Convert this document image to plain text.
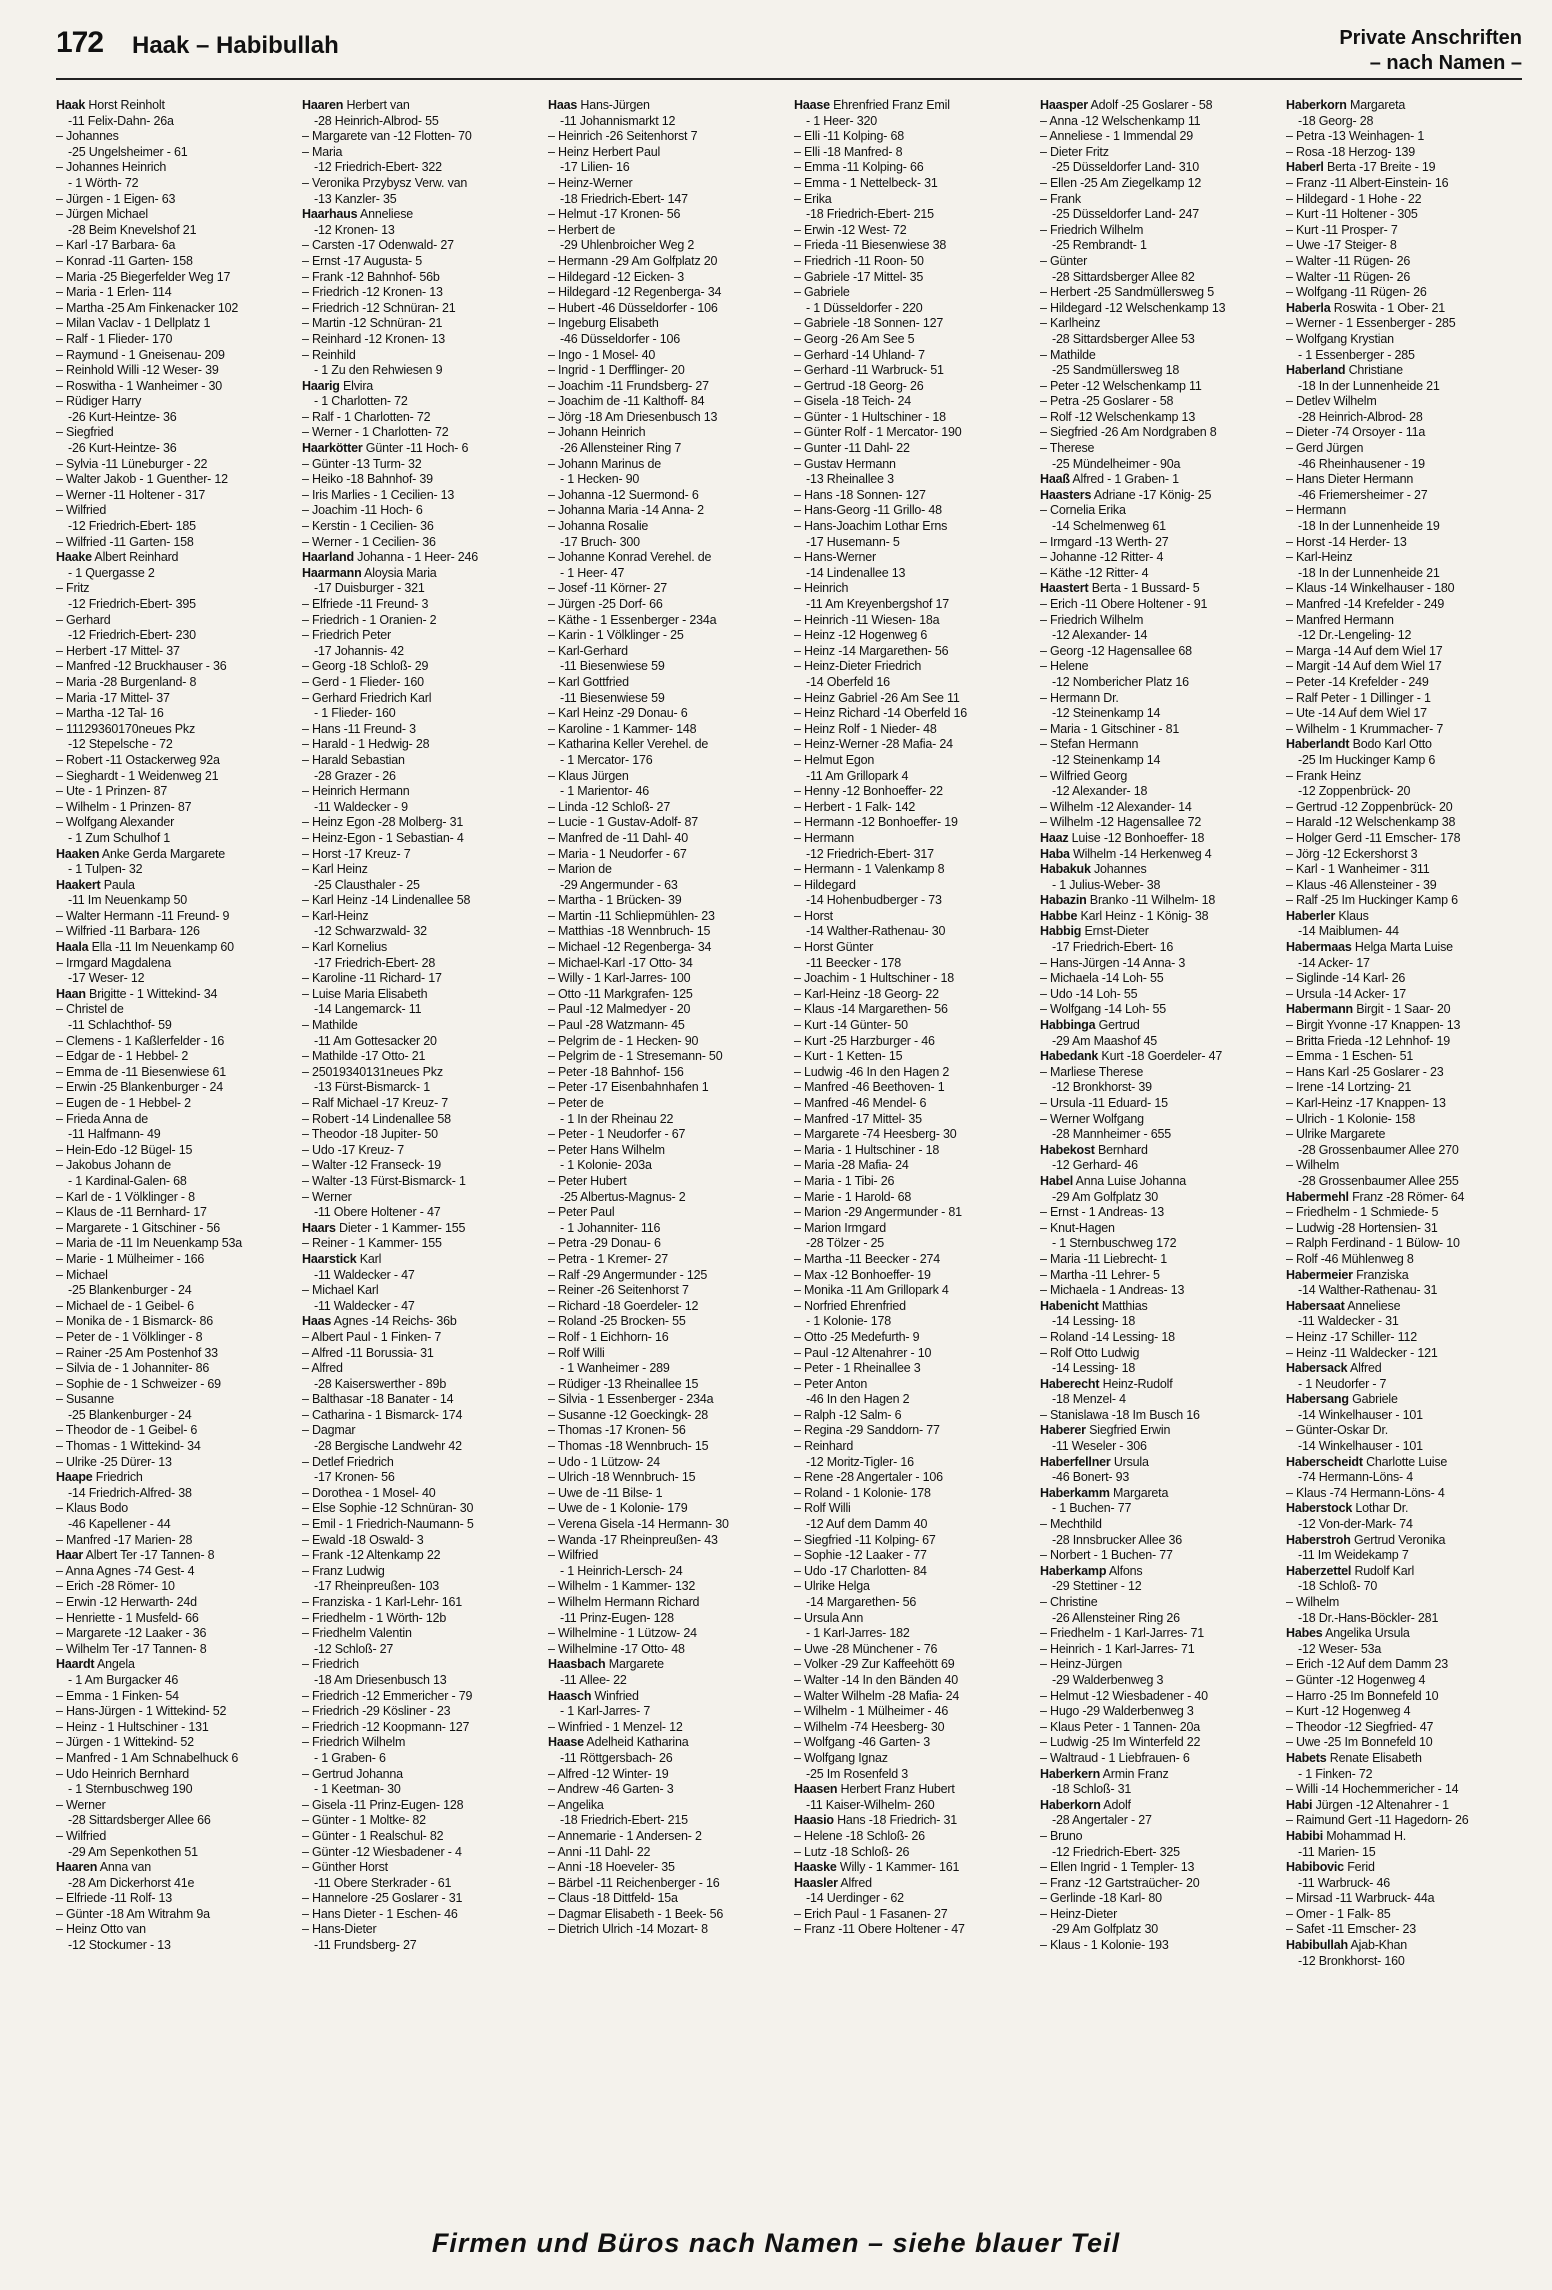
172 Haak – Habibullah	Private Anschriften
– nach Namen –
Haak Horst Reinholt
-11 Felix-Dahn- 26a
– Johannes
-25 Ungelsheimer - 61
– Johannes Heinrich
- 1 Wörth- 72
– Jürgen - 1 Eigen- 63
– Jürgen Michael
-28 Beim Knevelshof 21
– Karl -17 Barbara- 6a
– Konrad -11 Garten- 158
– Maria -25 Biegerfelder Weg 17
– Maria - 1 Erlen- 114
– Martha -25 Am Finkenacker 102
– Milan Vaclav - 1 Dellplatz 1
– Ralf - 1 Flieder- 170
– Raymund - 1 Gneisenau- 209
– Reinhold Willi -12 Weser- 39
– Roswitha - 1 Wanheimer - 30
– Rüdiger Harry
-26 Kurt-Heintze- 36
– Siegfried
-26 Kurt-Heintze- 36
– Sylvia -11 Lüneburger - 22
– Walter Jakob - 1 Guenther- 12
– Werner -11 Holtener - 317
– Wilfried
-12 Friedrich-Ebert- 185
– Wilfried -11 Garten- 158
Haake Albert Reinhard
- 1 Quergasse 2
– Fritz
-12 Friedrich-Ebert- 395
– Gerhard
-12 Friedrich-Ebert- 230
– Herbert -17 Mittel- 37
– Manfred -12 Bruckhauser - 36
– Maria -28 Burgenland- 8
– Maria -17 Mittel- 37
– Martha -12 Tal- 16
– 11129360170neues Pkz
-12 Stepelsche - 72
– Robert -11 Ostackerweg 92a
– Sieghardt - 1 Weidenweg 21
– Ute - 1 Prinzen- 87
– Wilhelm - 1 Prinzen- 87
– Wolfgang Alexander
- 1 Zum Schulhof 1
Haaken Anke Gerda Margarete
- 1 Tulpen- 32
Haakert Paula
-11 Im Neuenkamp 50
– Walter Hermann -11 Freund- 9
– Wilfried -11 Barbara- 126
Haala Ella -11 Im Neuenkamp 60
– Irmgard Magdalena
-17 Weser- 12
Haan Brigitte - 1 Wittekind- 34
– Christel de
-11 Schlachthof- 59
– Clemens - 1 Kaßlerfelder - 16
– Edgar de - 1 Hebbel- 2
– Emma de -11 Biesenwiese 61
– Erwin -25 Blankenburger - 24
– Eugen de - 1 Hebbel- 2
– Frieda Anna de
-11 Halfmann- 49
– Hein-Edo -12 Bügel- 15
– Jakobus Johann de
- 1 Kardinal-Galen- 68
– Karl de - 1 Völklinger - 8
– Klaus de -11 Bernhard- 17
– Margarete - 1 Gitschiner - 56
– Maria de -11 Im Neuenkamp 53a
– Marie - 1 Mülheimer - 166
– Michael
-25 Blankenburger - 24
– Michael de - 1 Geibel- 6
– Monika de - 1 Bismarck- 86
– Peter de - 1 Völklinger - 8
– Rainer -25 Am Postenhof 33
– Silvia de - 1 Johanniter- 86
– Sophie de - 1 Schweizer - 69
– Susanne
-25 Blankenburger - 24
– Theodor de - 1 Geibel- 6
– Thomas - 1 Wittekind- 34
– Ulrike -25 Dürer- 13
Haape Friedrich
-14 Friedrich-Alfred- 38
– Klaus Bodo
-46 Kapellener - 44
– Manfred -17 Marien- 28
Haar Albert Ter -17 Tannen- 8
– Anna Agnes -74 Gest- 4
– Erich -28 Römer- 10
– Erwin -12 Herwarth- 24d
– Henriette - 1 Musfeld- 66
– Margarete -12 Laaker - 36
– Wilhelm Ter -17 Tannen- 8
Haardt Angela
- 1 Am Burgacker 46
– Emma - 1 Finken- 54
– Hans-Jürgen - 1 Wittekind- 52
– Heinz - 1 Hultschiner - 131
– Jürgen - 1 Wittekind- 52
– Manfred - 1 Am Schnabelhuck 6
– Udo Heinrich Bernhard
- 1 Sternbuschweg 190
– Werner
-28 Sittardsberger Allee 66
– Wilfried
-29 Am Sepenkothen 51
Haaren Anna van
-28 Am Dickerhorst 41e
– Elfriede -11 Rolf- 13
– Günter -18 Am Witrahm 9a
– Heinz Otto van
-12 Stockumer - 13
Haaren Herbert van
-28 Heinrich-Albrod- 55
– Margarete van -12 Flotten- 70
– Maria
-12 Friedrich-Ebert- 322
– Veronika Przybysz Verw. van
-13 Kanzler- 35
Haarhaus Anneliese
-12 Kronen- 13
– Carsten -17 Odenwald- 27
– Ernst -17 Augusta- 5
– Frank -12 Bahnhof- 56b
– Friedrich -12 Kronen- 13
– Friedrich -12 Schnüran- 21
– Martin -12 Schnüran- 21
– Reinhard -12 Kronen- 13
– Reinhild
- 1 Zu den Rehwiesen 9
Haarig Elvira
- 1 Charlotten- 72
– Ralf - 1 Charlotten- 72
– Werner - 1 Charlotten- 72
Haarkötter Günter -11 Hoch- 6
– Günter -13 Turm- 32
– Heiko -18 Bahnhof- 39
– Iris Marlies - 1 Cecilien- 13
– Joachim -11 Hoch- 6
– Kerstin - 1 Cecilien- 36
– Werner - 1 Cecilien- 36
Haarland Johanna - 1 Heer- 246
Haarmann Aloysia Maria
-17 Duisburger - 321
– Elfriede -11 Freund- 3
– Friedrich - 1 Oranien- 2
– Friedrich Peter
-17 Johannis- 42
– Georg -18 Schloß- 29
– Gerd - 1 Flieder- 160
– Gerhard Friedrich Karl
- 1 Flieder- 160
– Hans -11 Freund- 3
– Harald - 1 Hedwig- 28
– Harald Sebastian
-28 Grazer - 26
– Heinrich Hermann
-11 Waldecker - 9
– Heinz Egon -28 Molberg- 31
– Heinz-Egon - 1 Sebastian- 4
– Horst -17 Kreuz- 7
– Karl Heinz
-25 Clausthaler - 25
– Karl Heinz -14 Lindenallee 58
– Karl-Heinz
-12 Schwarzwald- 32
– Karl Kornelius
-17 Friedrich-Ebert- 28
– Karoline -11 Richard- 17
– Luise Maria Elisabeth
-14 Langemarck- 11
– Mathilde
-11 Am Gottesacker 20
– Mathilde -17 Otto- 21
– 25019340131neues Pkz
-13 Fürst-Bismarck- 1
– Ralf Michael -17 Kreuz- 7
– Robert -14 Lindenallee 58
– Theodor -18 Jupiter- 50
– Udo -17 Kreuz- 7
– Walter -12 Franseck- 19
– Walter -13 Fürst-Bismarck- 1
– Werner
-11 Obere Holtener - 47
Haars Dieter - 1 Kammer- 155
– Reiner - 1 Kammer- 155
Haarstick Karl
-11 Waldecker - 47
– Michael Karl
-11 Waldecker - 47
Haas Agnes -14 Reichs- 36b
– Albert Paul - 1 Finken- 7
– Alfred -11 Borussia- 31
– Alfred
-28 Kaiserswerther - 89b
– Balthasar -18 Banater - 14
– Catharina - 1 Bismarck- 174
– Dagmar
-28 Bergische Landwehr 42
– Detlef Friedrich
-17 Kronen- 56
– Dorothea - 1 Mosel- 40
– Else Sophie -12 Schnüran- 30
– Emil - 1 Friedrich-Naumann- 5
– Ewald -18 Oswald- 3
– Frank -12 Altenkamp 22
– Franz Ludwig
-17 Rheinpreußen- 103
– Franziska - 1 Karl-Lehr- 161
– Friedhelm - 1 Wörth- 12b
– Friedhelm Valentin
-12 Schloß- 27
– Friedrich
-18 Am Driesenbusch 13
– Friedrich -12 Emmericher - 79
– Friedrich -29 Kösliner - 23
– Friedrich -12 Koopmann- 127
– Friedrich Wilhelm
- 1 Graben- 6
– Gertrud Johanna
- 1 Keetman- 30
– Gisela -11 Prinz-Eugen- 128
– Günter - 1 Moltke- 82
– Günter - 1 Realschul- 82
– Günter -12 Wiesbadener - 4
– Günther Horst
-11 Obere Sterkrader - 61
– Hannelore -25 Goslarer - 31
– Hans Dieter - 1 Eschen- 46
– Hans-Dieter
-11 Frundsberg- 27
Haas Hans-Jürgen
-11 Johannismarkt 12
– Heinrich -26 Seitenhorst 7
– Heinz Herbert Paul
-17 Lilien- 16
– Heinz-Werner
-18 Friedrich-Ebert- 147
– Helmut -17 Kronen- 56
– Herbert de
-29 Uhlenbroicher Weg 2
– Hermann -29 Am Golfplatz 20
– Hildegard -12 Eicken- 3
– Hildegard -12 Regenberga- 34
– Hubert -46 Düsseldorfer - 106
– Ingeburg Elisabeth
-46 Düsseldorfer - 106
– Ingo - 1 Mosel- 40
– Ingrid - 1 Derfflinger- 20
– Joachim -11 Frundsberg- 27
– Joachim de -11 Kalthoff- 84
– Jörg -18 Am Driesenbusch 13
– Johann Heinrich
-26 Allensteiner Ring 7
– Johann Marinus de
- 1 Hecken- 90
– Johanna -12 Suermond- 6
– Johanna Maria -14 Anna- 2
– Johanna Rosalie
-17 Bruch- 300
– Johanne Konrad Verehel. de
- 1 Heer- 47
– Josef -11 Körner- 27
– Jürgen -25 Dorf- 66
– Käthe - 1 Essenberger - 234a
– Karin - 1 Völklinger - 25
– Karl-Gerhard
-11 Biesenwiese 59
– Karl Gottfried
-11 Biesenwiese 59
– Karl Heinz -29 Donau- 6
– Karoline - 1 Kammer- 148
– Katharina Keller Verehel. de
- 1 Mercator- 176
– Klaus Jürgen
- 1 Marientor- 46
– Linda -12 Schloß- 27
– Lucie - 1 Gustav-Adolf- 87
– Manfred de -11 Dahl- 40
– Maria - 1 Neudorfer - 67
– Marion de
-29 Angermunder - 63
– Martha - 1 Brücken- 39
– Martin -11 Schliepmühlen- 23
– Matthias -18 Wennbruch- 15
– Michael -12 Regenberga- 34
– Michael-Karl -17 Otto- 34
– Willy - 1 Karl-Jarres- 100
– Otto -11 Markgrafen- 125
– Paul -12 Malmedyer - 20
– Paul -28 Watzmann- 45
– Pelgrim de - 1 Hecken- 90
– Pelgrim de - 1 Stresemann- 50
– Peter -18 Bahnhof- 156
– Peter -17 Eisenbahnhafen 1
– Peter de
- 1 In der Rheinau 22
– Peter - 1 Neudorfer - 67
– Peter Hans Wilhelm
- 1 Kolonie- 203a
– Peter Hubert
-25 Albertus-Magnus- 2
– Peter Paul
- 1 Johanniter- 116
– Petra -29 Donau- 6
– Petra - 1 Kremer- 27
– Ralf -29 Angermunder - 125
– Reiner -26 Seitenhorst 7
– Richard -18 Goerdeler- 12
– Roland -25 Brocken- 55
– Rolf - 1 Eichhorn- 16
– Rolf Willi
- 1 Wanheimer - 289
– Rüdiger -13 Rheinallee 15
– Silvia - 1 Essenberger - 234a
– Susanne -12 Goeckingk- 28
– Thomas -17 Kronen- 56
– Thomas -18 Wennbruch- 15
– Udo - 1 Lützow- 24
– Ulrich -18 Wennbruch- 15
– Uwe de -11 Bilse- 1
– Uwe de - 1 Kolonie- 179
– Verena Gisela -14 Hermann- 30
– Wanda -17 Rheinpreußen- 43
– Wilfried
- 1 Heinrich-Lersch- 24
– Wilhelm - 1 Kammer- 132
– Wilhelm Hermann Richard
-11 Prinz-Eugen- 128
– Wilhelmine - 1 Lützow- 24
– Wilhelmine -17 Otto- 48
Haasbach Margarete
-11 Allee- 22
Haasch Winfried
- 1 Karl-Jarres- 7
– Winfried - 1 Menzel- 12
Haase Adelheid Katharina
-11 Röttgersbach- 26
– Alfred -12 Winter- 19
– Andrew -46 Garten- 3
– Angelika
-18 Friedrich-Ebert- 215
– Annemarie - 1 Andersen- 2
– Anni -11 Dahl- 22
– Anni -18 Hoeveler- 35
– Bärbel -11 Reichenberger - 16
– Claus -18 Dittfeld- 15a
– Dagmar Elisabeth - 1 Beek- 56
– Dietrich Ulrich -14 Mozart- 8
Haase Ehrenfried Franz Emil
- 1 Heer- 320
– Elli -11 Kolping- 68
– Elli -18 Manfred- 8
– Emma -11 Kolping- 66
– Emma - 1 Nettelbeck- 31
– Erika
-18 Friedrich-Ebert- 215
– Erwin -12 West- 72
– Frieda -11 Biesenwiese 38
– Friedrich -11 Roon- 50
– Gabriele -17 Mittel- 35
– Gabriele
- 1 Düsseldorfer - 220
– Gabriele -18 Sonnen- 127
– Georg -26 Am See 5
– Gerhard -14 Uhland- 7
– Gerhard -11 Warbruck- 51
– Gertrud -18 Georg- 26
– Gisela -18 Teich- 24
– Günter - 1 Hultschiner - 18
– Günter Rolf - 1 Mercator- 190
– Gunter -11 Dahl- 22
– Gustav Hermann
-13 Rheinallee 3
– Hans -18 Sonnen- 127
– Hans-Georg -11 Grillo- 48
– Hans-Joachim Lothar Erns
-17 Husemann- 5
– Hans-Werner
-14 Lindenallee 13
– Heinrich
-11 Am Kreyenbergshof 17
– Heinrich -11 Wiesen- 18a
– Heinz -12 Hogenweg 6
– Heinz -14 Margarethen- 56
– Heinz-Dieter Friedrich
-14 Oberfeld 16
– Heinz Gabriel -26 Am See 11
– Heinz Richard -14 Oberfeld 16
– Heinz Rolf - 1 Nieder- 48
– Heinz-Werner -28 Mafia- 24
– Helmut Egon
-11 Am Grillopark 4
– Henny -12 Bonhoeffer- 22
– Herbert - 1 Falk- 142
– Hermann -12 Bonhoeffer- 19
– Hermann
-12 Friedrich-Ebert- 317
– Hermann - 1 Valenkamp 8
– Hildegard
-14 Hohenbudberger - 73
– Horst
-14 Walther-Rathenau- 30
– Horst Günter
-11 Beecker - 178
– Joachim - 1 Hultschiner - 18
– Karl-Heinz -18 Georg- 22
– Klaus -14 Margarethen- 56
– Kurt -14 Günter- 50
– Kurt -25 Harzburger - 46
– Kurt - 1 Ketten- 15
– Ludwig -46 In den Hagen 2
– Manfred -46 Beethoven- 1
– Manfred -46 Mendel- 6
– Manfred -17 Mittel- 35
– Margarete -74 Heesberg- 30
– Maria - 1 Hultschiner - 18
– Maria -28 Mafia- 24
– Maria - 1 Tibi- 26
– Marie - 1 Harold- 68
– Marion -29 Angermunder - 81
– Marion Irmgard
-28 Tölzer - 25
– Martha -11 Beecker - 274
– Max -12 Bonhoeffer- 19
– Monika -11 Am Grillopark 4
– Norfried Ehrenfried
- 1 Kolonie- 178
– Otto -25 Medefurth- 9
– Paul -12 Altenahrer - 10
– Peter - 1 Rheinallee 3
– Peter Anton
-46 In den Hagen 2
– Ralph -12 Salm- 6
– Regina -29 Sanddorn- 77
– Reinhard
-12 Moritz-Tigler- 16
– Rene -28 Angertaler - 106
– Roland - 1 Kolonie- 178
– Rolf Willi
-12 Auf dem Damm 40
– Siegfried -11 Kolping- 67
– Sophie -12 Laaker - 77
– Udo -17 Charlotten- 84
– Ulrike Helga
-14 Margarethen- 56
– Ursula Ann
- 1 Karl-Jarres- 182
– Uwe -28 Münchener - 76
– Volker -29 Zur Kaffeehött 69
– Walter -14 In den Bänden 40
– Walter Wilhelm -28 Mafia- 24
– Wilhelm - 1 Mülheimer - 46
– Wilhelm -74 Heesberg- 30
– Wolfgang -46 Garten- 3
– Wolfgang Ignaz
-25 Im Rosenfeld 3
Haasen Herbert Franz Hubert
-11 Kaiser-Wilhelm- 260
Haasio Hans -18 Friedrich- 31
– Helene -18 Schloß- 26
– Lutz -18 Schloß- 26
Haaske Willy - 1 Kammer- 161
Haasler Alfred
-14 Uerdinger - 62
– Erich Paul - 1 Fasanen- 27
– Franz -11 Obere Holtener - 47
Haasper Adolf -25 Goslarer - 58
– Anna -12 Welschenkamp 11
– Anneliese - 1 Immendal 29
– Dieter Fritz
-25 Düsseldorfer Land- 310
– Ellen -25 Am Ziegelkamp 12
– Frank
-25 Düsseldorfer Land- 247
– Friedrich Wilhelm
-25 Rembrandt- 1
– Günter
-28 Sittardsberger Allee 82
– Herbert -25 Sandmüllersweg 5
– Hildegard -12 Welschenkamp 13
– Karlheinz
-28 Sittardsberger Allee 53
– Mathilde
-25 Sandmüllersweg 18
– Peter -12 Welschenkamp 11
– Petra -25 Goslarer - 58
– Rolf -12 Welschenkamp 13
– Siegfried -26 Am Nordgraben 8
– Therese
-25 Mündelheimer - 90a
Haaß Alfred - 1 Graben- 1
Haasters Adriane -17 König- 25
– Cornelia Erika
-14 Schelmenweg 61
– Irmgard -13 Werth- 27
– Johanne -12 Ritter- 4
– Käthe -12 Ritter- 4
Haastert Berta - 1 Bussard- 5
– Erich -11 Obere Holtener - 91
– Friedrich Wilhelm
-12 Alexander- 14
– Georg -12 Hagensallee 68
– Helene
-12 Nombericher Platz 16
– Hermann Dr.
-12 Steinenkamp 14
– Maria - 1 Gitschiner - 81
– Stefan Hermann
-12 Steinenkamp 14
– Wilfried Georg
-12 Alexander- 18
– Wilhelm -12 Alexander- 14
– Wilhelm -12 Hagensallee 72
Haaz Luise -12 Bonhoeffer- 18
Haba Wilhelm -14 Herkenweg 4
Habakuk Johannes
- 1 Julius-Weber- 38
Habazin Branko -11 Wilhelm- 18
Habbe Karl Heinz - 1 König- 38
Habbig Ernst-Dieter
-17 Friedrich-Ebert- 16
– Hans-Jürgen -14 Anna- 3
– Michaela -14 Loh- 55
– Udo -14 Loh- 55
– Wolfgang -14 Loh- 55
Habbinga Gertrud
-29 Am Maashof 45
Habedank Kurt -18 Goerdeler- 47
– Marliese Therese
-12 Bronkhorst- 39
– Ursula -11 Eduard- 15
– Werner Wolfgang
-28 Mannheimer - 655
Habekost Bernhard
-12 Gerhard- 46
Habel Anna Luise Johanna
-29 Am Golfplatz 30
– Ernst - 1 Andreas- 13
– Knut-Hagen
- 1 Sternbuschweg 172
– Maria -11 Liebrecht- 1
– Martha -11 Lehrer- 5
– Michaela - 1 Andreas- 13
Habenicht Matthias
-14 Lessing- 18
– Roland -14 Lessing- 18
– Rolf Otto Ludwig
-14 Lessing- 18
Haberecht Heinz-Rudolf
-18 Menzel- 4
– Stanislawa -18 Im Busch 16
Haberer Siegfried Erwin
-11 Weseler - 306
Haberfellner Ursula
-46 Bonert- 93
Haberkamm Margareta
- 1 Buchen- 77
– Mechthild
-28 Innsbrucker Allee 36
– Norbert - 1 Buchen- 77
Haberkamp Alfons
-29 Stettiner - 12
– Christine
-26 Allensteiner Ring 26
– Friedhelm - 1 Karl-Jarres- 71
– Heinrich - 1 Karl-Jarres- 71
– Heinz-Jürgen
-29 Walderbenweg 3
– Helmut -12 Wiesbadener - 40
– Hugo -29 Walderbenweg 3
– Klaus Peter - 1 Tannen- 20a
– Ludwig -25 Im Winterfeld 22
– Waltraud - 1 Liebfrauen- 6
Haberkern Armin Franz
-18 Schloß- 31
Haberkorn Adolf
-28 Angertaler - 27
– Bruno
-12 Friedrich-Ebert- 325
– Ellen Ingrid - 1 Templer- 13
– Franz -12 Gartstraücher- 20
– Gerlinde -18 Karl- 80
– Heinz-Dieter
-29 Am Golfplatz 30
– Klaus - 1 Kolonie- 193
Haberkorn Margareta
-18 Georg- 28
– Petra -13 Weinhagen- 1
– Rosa -18 Herzog- 139
Haberl Berta -17 Breite - 19
– Franz -11 Albert-Einstein- 16
– Hildegard - 1 Hohe - 22
– Kurt -11 Holtener - 305
– Kurt -11 Prosper- 7
– Uwe -17 Steiger- 8
– Walter -11 Rügen- 26
– Walter -11 Rügen- 26
– Wolfgang -11 Rügen- 26
Haberla Roswita - 1 Ober- 21
– Werner - 1 Essenberger - 285
– Wolfgang Krystian
- 1 Essenberger - 285
Haberland Christiane
-18 In der Lunnenheide 21
– Detlev Wilhelm
-28 Heinrich-Albrod- 28
– Dieter -74 Orsoyer - 11a
– Gerd Jürgen
-46 Rheinhausener - 19
– Hans Dieter Hermann
-46 Friemersheimer - 27
– Hermann
-18 In der Lunnenheide 19
– Horst -14 Herder- 13
– Karl-Heinz
-18 In der Lunnenheide 21
– Klaus -14 Winkelhauser - 180
– Manfred -14 Krefelder - 249
– Manfred Hermann
-12 Dr.-Lengeling- 12
– Marga -14 Auf dem Wiel 17
– Margit -14 Auf dem Wiel 17
– Peter -14 Krefelder - 249
– Ralf Peter - 1 Dillinger - 1
– Ute -14 Auf dem Wiel 17
– Wilhelm - 1 Krummacher- 7
Haberlandt Bodo Karl Otto
-25 Im Huckinger Kamp 6
– Frank Heinz
-12 Zoppenbrück- 20
– Gertrud -12 Zoppenbrück- 20
– Harald -12 Welschenkamp 38
– Holger Gerd -11 Emscher- 178
– Jörg -12 Eckershorst 3
– Karl - 1 Wanheimer - 311
– Klaus -46 Allensteiner - 39
– Ralf -25 Im Huckinger Kamp 6
Haberler Klaus
-14 Maiblumen- 44
Habermaas Helga Marta Luise
-14 Acker- 17
– Siglinde -14 Karl- 26
– Ursula -14 Acker- 17
Habermann Birgit - 1 Saar- 20
– Birgit Yvonne -17 Knappen- 13
– Britta Frieda -12 Lehnhof- 19
– Emma - 1 Eschen- 51
– Hans Karl -25 Goslarer - 23
– Irene -14 Lortzing- 21
– Karl-Heinz -17 Knappen- 13
– Ulrich - 1 Kolonie- 158
– Ulrike Margarete
-28 Grossenbaumer Allee 270
– Wilhelm
-28 Grossenbaumer Allee 255
Habermehl Franz -28 Römer- 64
– Friedhelm - 1 Schmiede- 5
– Ludwig -28 Hortensien- 31
– Ralph Ferdinand - 1 Bülow- 10
– Rolf -46 Mühlenweg 8
Habermeier Franziska
-14 Walther-Rathenau- 31
Habersaat Anneliese
-11 Waldecker - 31
– Heinz -17 Schiller- 112
– Heinz -11 Waldecker - 121
Habersack Alfred
- 1 Neudorfer - 7
Habersang Gabriele
-14 Winkelhauser - 101
– Günter-Oskar Dr.
-14 Winkelhauser - 101
Haberscheidt Charlotte Luise
-74 Hermann-Löns- 4
– Klaus -74 Hermann-Löns- 4
Haberstock Lothar Dr.
-12 Von-der-Mark- 74
Haberstroh Gertrud Veronika
-11 Im Weidekamp 7
Haberzettel Rudolf Karl
-18 Schloß- 70
– Wilhelm
-18 Dr.-Hans-Böckler- 281
Habes Angelika Ursula
-12 Weser- 53a
– Erich -12 Auf dem Damm 23
– Günter -12 Hogenweg 4
– Harro -25 Im Bonnefeld 10
– Kurt -12 Hogenweg 4
– Theodor -12 Siegfried- 47
– Uwe -25 Im Bonnefeld 10
Habets Renate Elisabeth
- 1 Finken- 72
– Willi -14 Hochemmericher - 14
Habi Jürgen -12 Altenahrer - 1
– Raimund Gert -11 Hagedorn- 26
Habibi Mohammad H.
-11 Marien- 15
Habibovic Ferid
-11 Warbruck- 46
– Mirsad -11 Warbruck- 44a
– Omer - 1 Falk- 85
– Safet -11 Emscher- 23
Habibullah Ajab-Khan
-12 Bronkhorst- 160
Firmen und Büros nach Namen – siehe blauer Teil
